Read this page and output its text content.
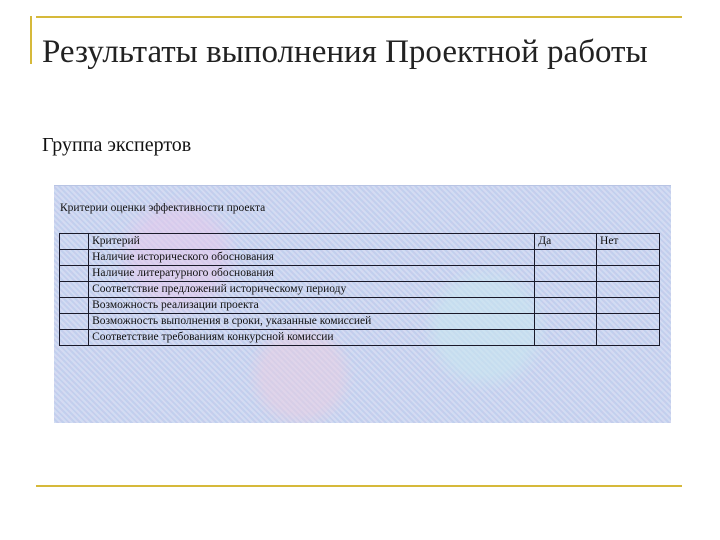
Результаты выполнения Проектной работы
Группа экспертов
Критерии оценки эффективности проекта
	Критерий	Да	Нет
	Наличие исторического обоснования		
	Наличие литературного обоснования		
	Соответствие предложений историческому периоду		
	Возможность реализации проекта		
	Возможность выполнения в сроки, указанные комиссией		
	Соответствие требованиям конкурсной комиссии		
